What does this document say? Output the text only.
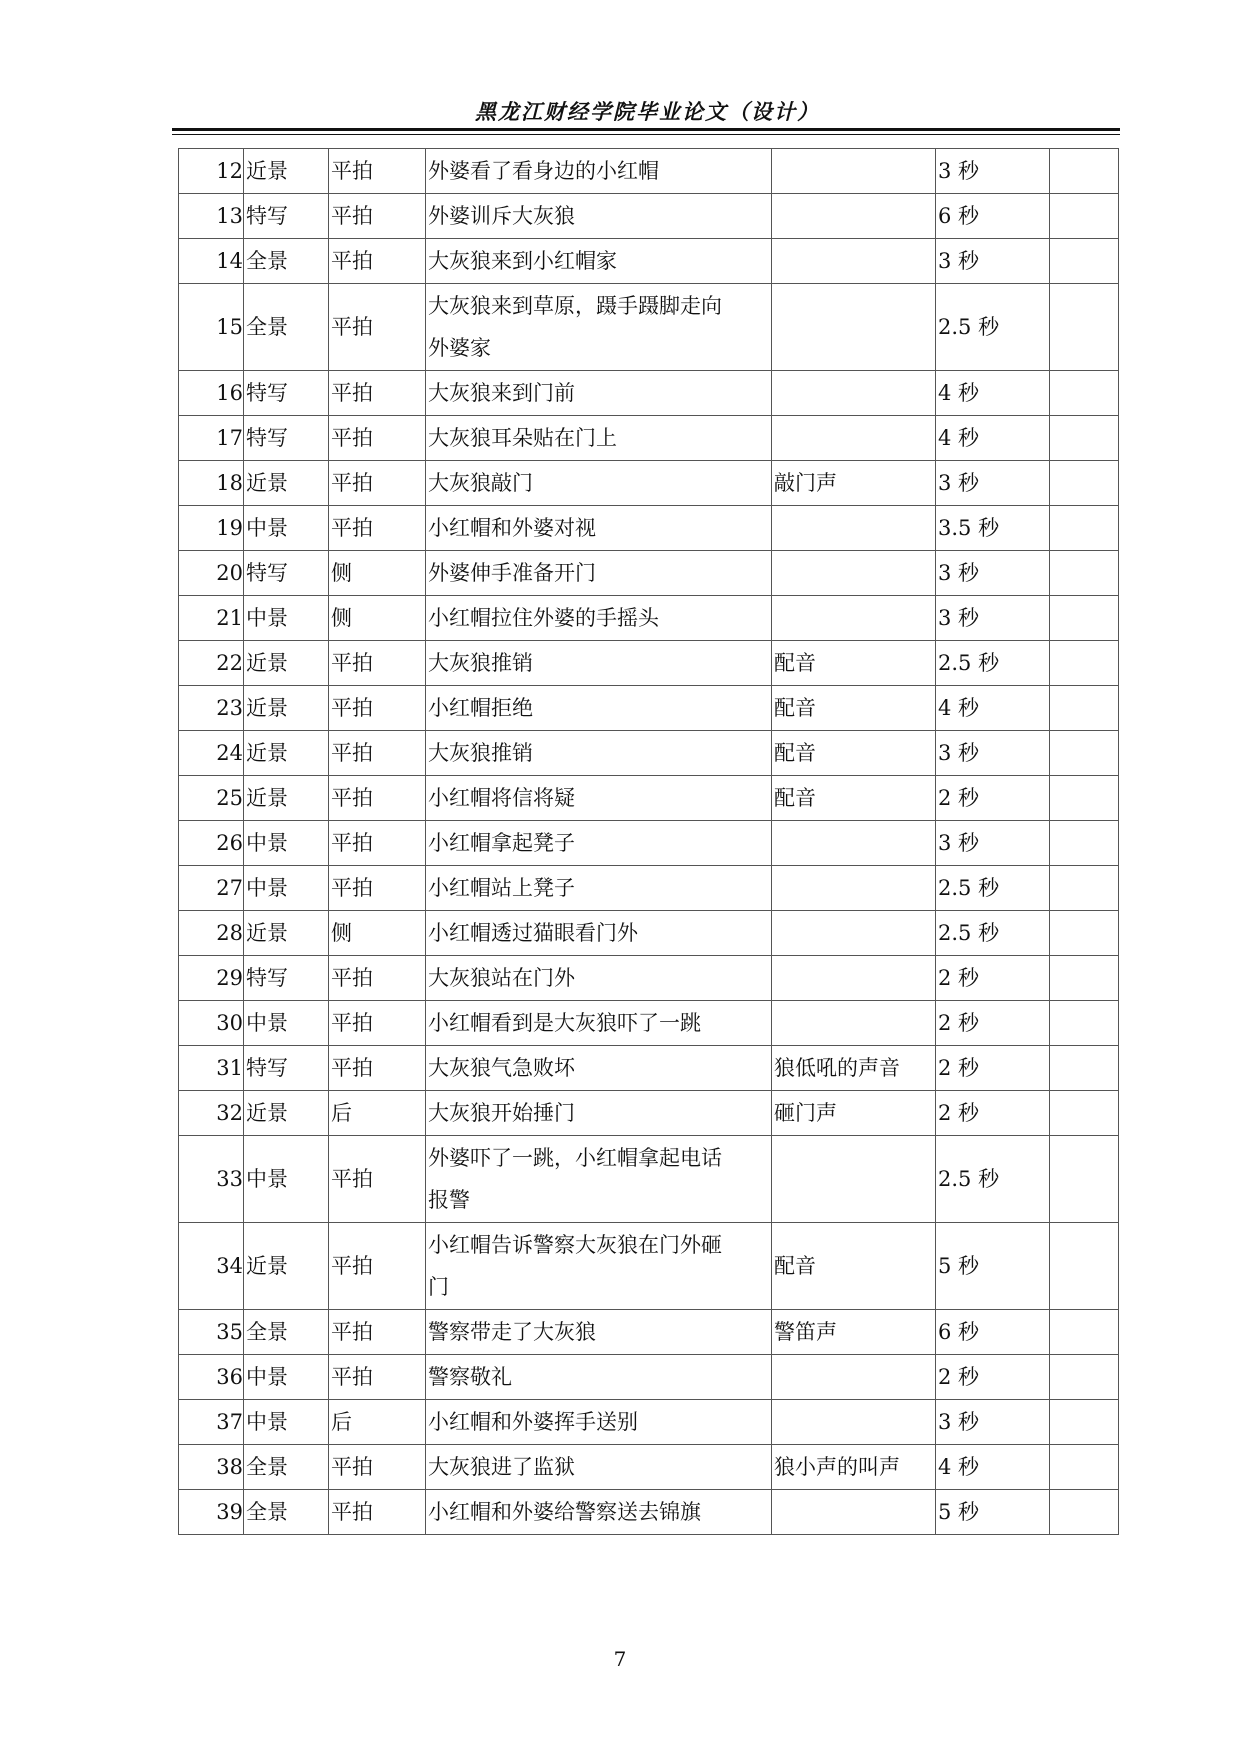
黑龙江财经学院毕业论文（设计）
12	近景	平拍	外婆看了看身边的小红帽		3 秒	
13	特写	平拍	外婆训斥大灰狼		6 秒	
14	全景	平拍	大灰狼来到小红帽家		3 秒	
15	全景	平拍	大灰狼来到草原，蹑手蹑脚走向
外婆家		2.5 秒	
16	特写	平拍	大灰狼来到门前		4 秒	
17	特写	平拍	大灰狼耳朵贴在门上		4 秒	
18	近景	平拍	大灰狼敲门	敲门声	3 秒	
19	中景	平拍	小红帽和外婆对视		3.5 秒	
20	特写	侧	外婆伸手准备开门		3 秒	
21	中景	侧	小红帽拉住外婆的手摇头		3 秒	
22	近景	平拍	大灰狼推销	配音	2.5 秒	
23	近景	平拍	小红帽拒绝	配音	4 秒	
24	近景	平拍	大灰狼推销	配音	3 秒	
25	近景	平拍	小红帽将信将疑	配音	2 秒	
26	中景	平拍	小红帽拿起凳子		3 秒	
27	中景	平拍	小红帽站上凳子		2.5 秒	
28	近景	侧	小红帽透过猫眼看门外		2.5 秒	
29	特写	平拍	大灰狼站在门外		2 秒	
30	中景	平拍	小红帽看到是大灰狼吓了一跳		2 秒	
31	特写	平拍	大灰狼气急败坏	狼低吼的声音	2 秒	
32	近景	后	大灰狼开始捶门	砸门声	2 秒	
33	中景	平拍	外婆吓了一跳，小红帽拿起电话
报警		2.5 秒	
34	近景	平拍	小红帽告诉警察大灰狼在门外砸
门	配音	5 秒	
35	全景	平拍	警察带走了大灰狼	警笛声	6 秒	
36	中景	平拍	警察敬礼		2 秒	
37	中景	后	小红帽和外婆挥手送别		3 秒	
38	全景	平拍	大灰狼进了监狱	狼小声的叫声	4 秒	
39	全景	平拍	小红帽和外婆给警察送去锦旗		5 秒	
7
